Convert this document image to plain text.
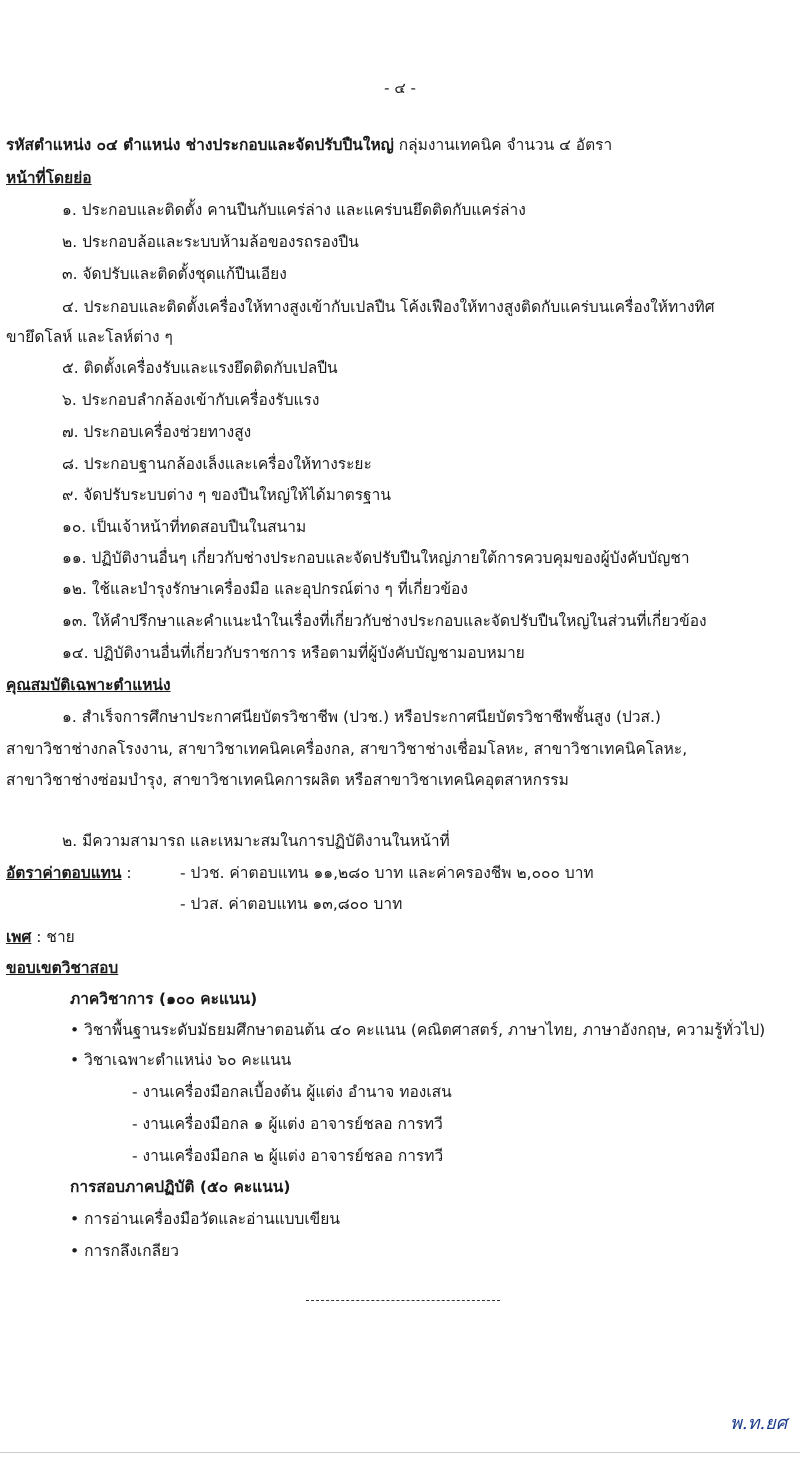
- ๔ -
รหัสตำแหน่ง ๐๔ ตำแหน่ง ช่างประกอบและจัดปรับปืนใหญ่ กลุ่มงานเทคนิค จำนวน ๔ อัตรา
หน้าที่โดยย่อ
๑. ประกอบและติดตั้ง คานปืนกับแคร่ล่าง และแคร่บนยึดติดกับแคร่ล่าง
๒. ประกอบล้อและระบบห้ามล้อของรถรองปืน
๓. จัดปรับและติดตั้งชุดแก้ปืนเอียง
๔. ประกอบและติดตั้งเครื่องให้ทางสูงเข้ากับเปลปืน โค้งเฟืองให้ทางสูงติดกับแคร่บนเครื่องให้ทางทิศ
ขายึดโลห์ และโลห์ต่าง ๆ
๕. ติดตั้งเครื่องรับและแรงยึดติดกับเปลปืน
๖. ประกอบลำกล้องเข้ากับเครื่องรับแรง
๗. ประกอบเครื่องช่วยทางสูง
๘. ประกอบฐานกล้องเล็งและเครื่องให้ทางระยะ
๙. จัดปรับระบบต่าง ๆ ของปืนใหญ่ให้ได้มาตรฐาน
๑๐. เป็นเจ้าหน้าที่ทดสอบปืนในสนาม
๑๑. ปฏิบัติงานอื่นๆ เกี่ยวกับช่างประกอบและจัดปรับปืนใหญ่ภายใต้การควบคุมของผู้บังคับบัญชา
๑๒. ใช้และบำรุงรักษาเครื่องมือ และอุปกรณ์ต่าง ๆ ที่เกี่ยวข้อง
๑๓. ให้คำปรึกษาและคำแนะนำในเรื่องที่เกี่ยวกับช่างประกอบและจัดปรับปืนใหญ่ในส่วนที่เกี่ยวข้อง
๑๔. ปฏิบัติงานอื่นที่เกี่ยวกับราชการ หรือตามที่ผู้บังคับบัญชามอบหมาย
คุณสมบัติเฉพาะตำแหน่ง
๑. สำเร็จการศึกษาประกาศนียบัตรวิชาชีพ (ปวช.) หรือประกาศนียบัตรวิชาชีพชั้นสูง (ปวส.)
สาขาวิชาช่างกลโรงงาน, สาขาวิชาเทคนิคเครื่องกล, สาขาวิชาช่างเชื่อมโลหะ, สาขาวิชาเทคนิคโลหะ,
สาขาวิชาช่างซ่อมบำรุง, สาขาวิชาเทคนิคการผลิต หรือสาขาวิชาเทคนิคอุตสาหกรรม
๒. มีความสามารถ และเหมาะสมในการปฏิบัติงานในหน้าที่
อัตราค่าตอบแทน :	- ปวช. ค่าตอบแทน ๑๑,๒๘๐ บาท และค่าครองชีพ ๒,๐๐๐ บาท
- ปวส. ค่าตอบแทน ๑๓,๘๐๐ บาท
เพศ : ชาย
ขอบเขตวิชาสอบ
ภาควิชาการ (๑๐๐ คะแนน)
• วิชาพื้นฐานระดับมัธยมศึกษาตอนต้น ๔๐ คะแนน (คณิตศาสตร์, ภาษาไทย, ภาษาอังกฤษ, ความรู้ทั่วไป)
• วิชาเฉพาะตำแหน่ง ๖๐ คะแนน
- งานเครื่องมือกลเบื้องต้น ผู้แต่ง อำนาจ ทองเสน
- งานเครื่องมือกล ๑ ผู้แต่ง อาจารย์ชลอ การทวี
- งานเครื่องมือกล ๒ ผู้แต่ง อาจารย์ชลอ การทวี
การสอบภาคปฏิบัติ (๕๐ คะแนน)
• การอ่านเครื่องมือวัดและอ่านแบบเขียน
• การกลึงเกลียว
พ.ท.ยศ
